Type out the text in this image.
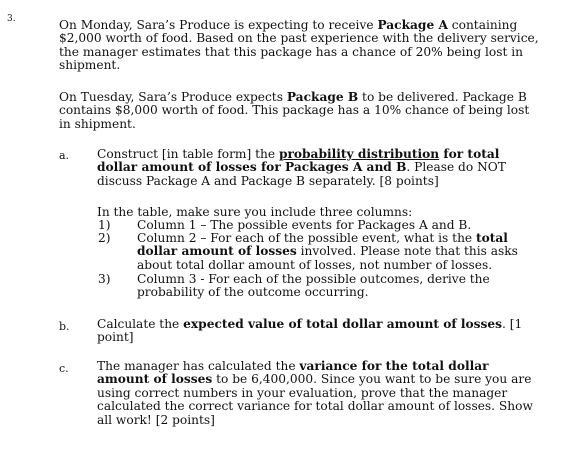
3.	On Monday, Sara’s Produce is expecting to receive Package A containing $2,000 worth of food. Based on the past experience with the delivery service, the manager estimates that this package has a chance of 20% being lost in shipment.

On Tuesday, Sara’s Produce expects Package B to be delivered. Package B contains $8,000 worth of food. This package has a 10% chance of being lost in shipment.

a. Construct [in table form] the probability distribution for total dollar amount of losses for Packages A and B. Please do NOT discuss Package A and Package B separately. [8 points]

In the table, make sure you include three columns:

1) Column 1 – The possible events for Packages A and B.
2) Column 2 – For each of the possible event, what is the total dollar amount of losses involved. Please note that this asks about total dollar amount of losses, not number of losses.
3) Column 3 - For each of the possible outcomes, derive the probability of the outcome occurring.
b. Calculate the expected value of total dollar amount of losses. [1 point]

c. The manager has calculated the variance for the total dollar amount of losses to be 6,400,000. Since you want to be sure you are using correct numbers in your evaluation, prove that the manager calculated the correct variance for total dollar amount of losses. Show all work! [2 points]
